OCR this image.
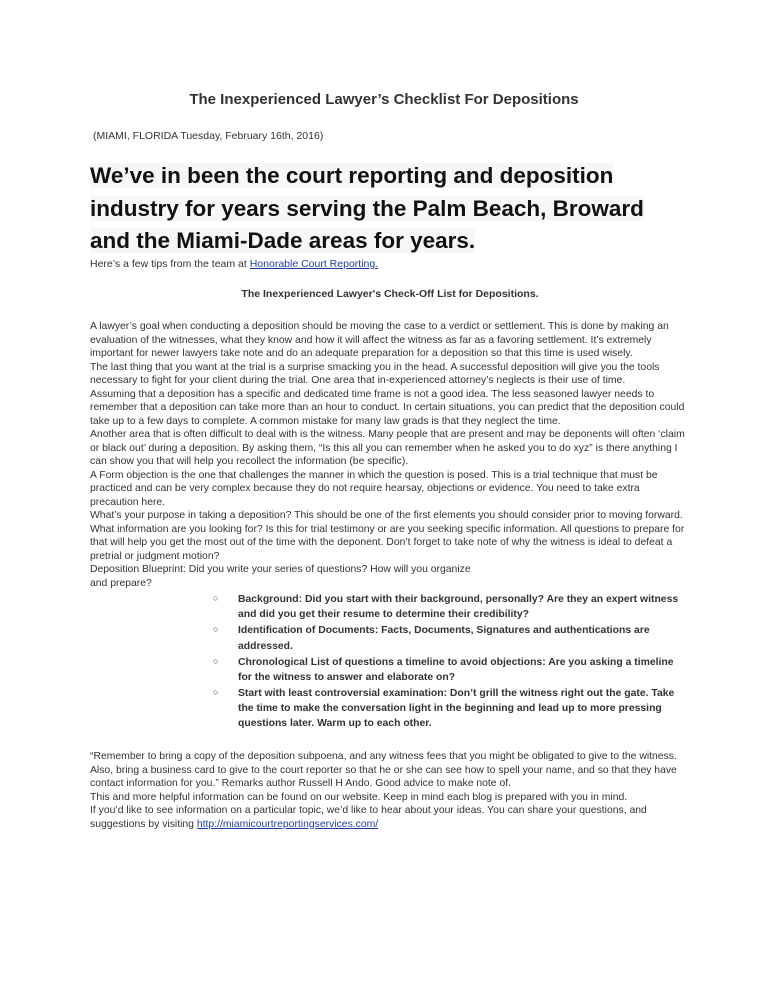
The Inexperienced Lawyer’s Checklist For Depositions
(MIAMI, FLORIDA Tuesday, February 16th, 2016)
We’ve in been the court reporting and deposition industry for years serving the Palm Beach, Broward and the Miami-Dade areas for years.
Here’s a few tips from the team at Honorable Court Reporting.
The Inexperienced Lawyer's Check-Off List for Depositions.

A lawyer’s goal when conducting a deposition should be moving the case to a verdict or settlement. This is done by making an evaluation of the witnesses, what they know and how it will affect the witness as far as a favoring settlement. It’s extremely important for newer lawyers take note and do an adequate preparation for a deposition so that this time is used wisely.

The last thing that you want at the trial is a surprise smacking you in the head. A successful deposition will give you the tools necessary to fight for your client during the trial. One area that in-experienced attorney’s neglects is their use of time.

Assuming that a deposition has a specific and dedicated time frame is not a good idea. The less seasoned lawyer needs to remember that a deposition can take more than an hour to conduct. In certain situations, you can predict that the deposition could take up to a few days to complete. A common mistake for many law grads is that they neglect the time.

Another area that is often difficult to deal with is the witness. Many people that are present and may be deponents will often ‘claim or black out’ during a deposition. By asking them, “Is this all you can remember when he asked you to do xyz” is there anything I can show you that will help you recollect the information (be specific).

A Form objection is the one that challenges the manner in which the question is posed. This is a trial technique that must be practiced and can be very complex because they do not require hearsay, objections or evidence. You need to take extra precaution here.

What’s your purpose in taking a deposition? This should be one of the first elements you should consider prior to moving forward. What information are you looking for? Is this for trial testimony or are you seeking specific information. All questions to prepare for that will help you get the most out of the time with the deponent. Don’t forget to take note of why the witness is ideal to defeat a pretrial or judgment motion?

Deposition Blueprint: Did you write your series of questions? How will you organize and prepare?

○ Background: Did you start with their background, personally? Are they an expert witness and did you get their resume to determine their credibility?
○ Identification of Documents: Facts, Documents, Signatures and authentications are addressed.
○ Chronological List of questions a timeline to avoid objections: Are you asking a timeline for the witness to answer and elaborate on?
○ Start with least controversial examination: Don’t grill the witness right out the gate. Take the time to make the conversation light in the beginning and lead up to more pressing questions later. Warm up to each other.

“Remember to bring a copy of the deposition subpoena, and any witness fees that you might be obligated to give to the witness. Also, bring a business card to give to the court reporter so that he or she can see how to spell your name, and so that they have contact information for you.” Remarks author Russell H Ando. Good advice to make note of.

This and more helpful information can be found on our website. Keep in mind each blog is prepared with you in mind.

If you’d like to see information on a particular topic, we’d like to hear about your ideas. You can share your questions, and suggestions by visiting http://miamicourtreportingservices.com/
